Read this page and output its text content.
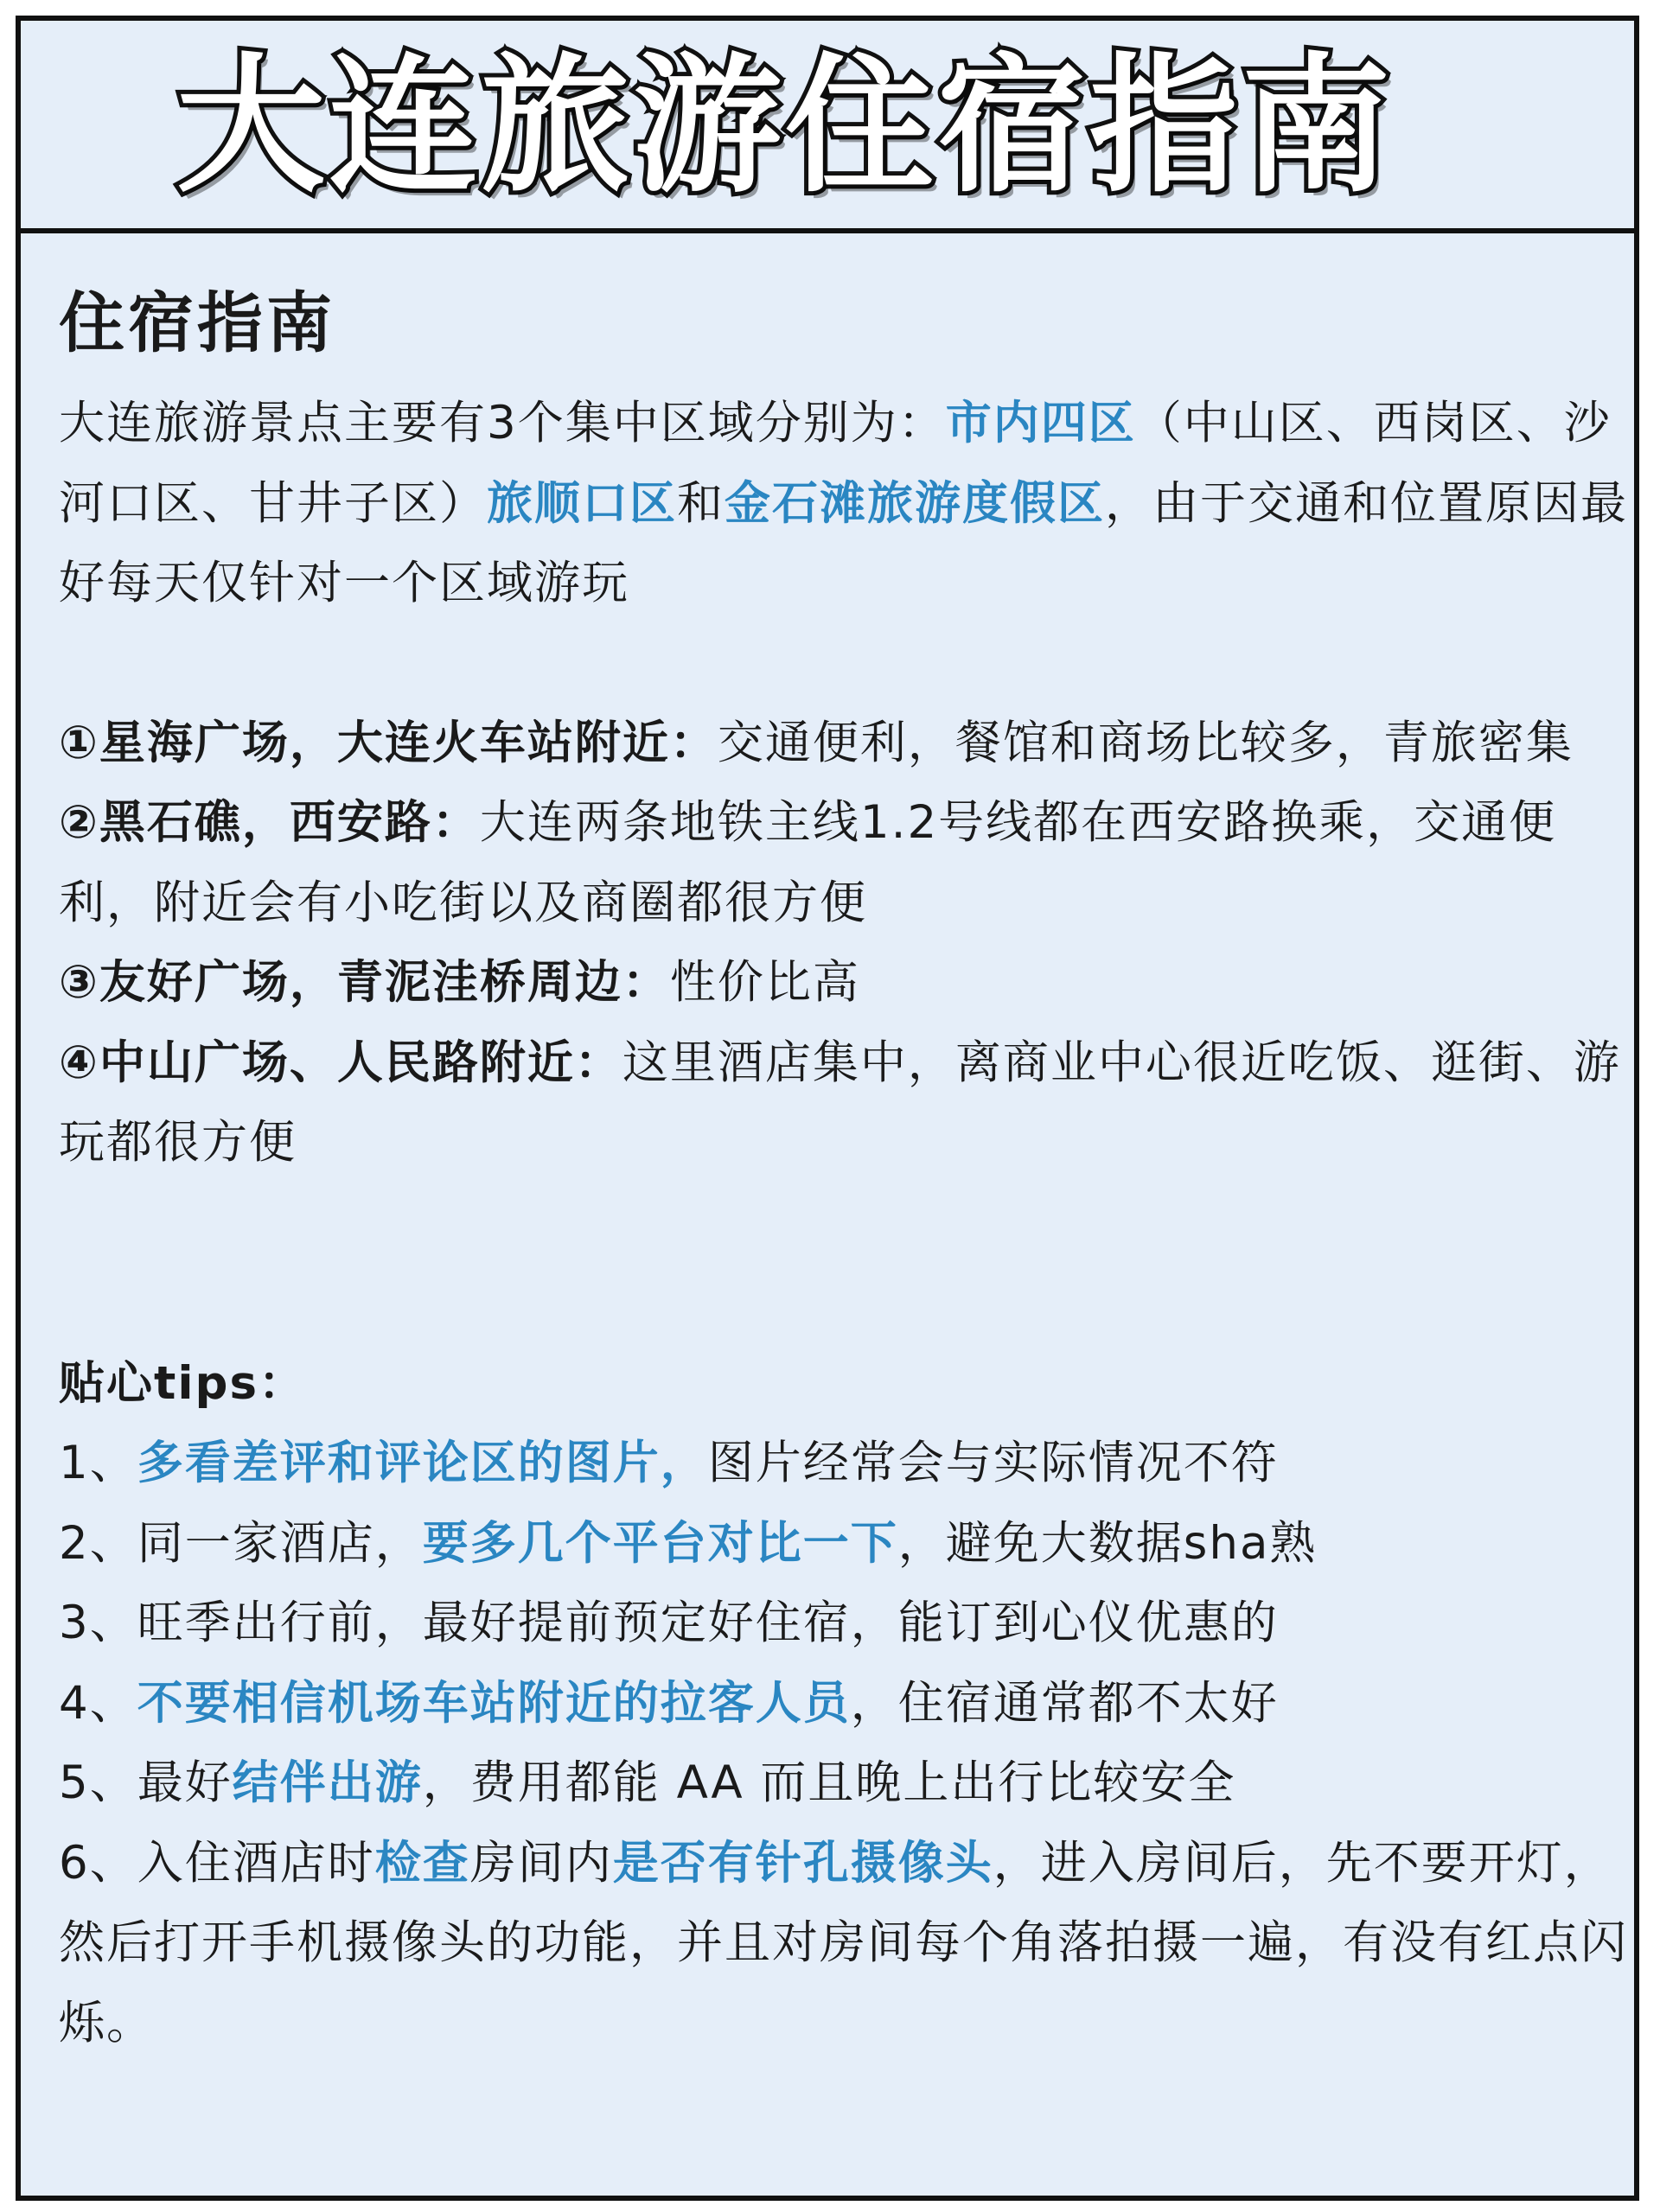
大连旅游住宿指南
住宿指南

大连旅游景点主要有3个集中区域分别为：市内四区（中山区、西岗区、沙河口区、甘井子区）旅顺口区和金石滩旅游度假区，由于交通和位置原因最好每天仅针对一个区域游玩

①星海广场，大连火车站附近：交通便利，餐馆和商场比较多，青旅密集

②黑石礁，西安路：大连两条地铁主线1.2号线都在西安路换乘，交通便利，附近会有小吃街以及商圈都很方便

③友好广场，青泥洼桥周边：性价比高

④中山广场、人民路附近：这里酒店集中，离商业中心很近吃饭、逛街、游玩都很方便

贴心tips：

1、多看差评和评论区的图片，图片经常会与实际情况不符

2、同一家酒店，要多几个平台对比一下，避免大数据sha熟

3、旺季出行前，最好提前预定好住宿，能订到心仪优惠的

4、不要相信机场车站附近的拉客人员，住宿通常都不太好

5、最好结伴出游，费用都能 AA 而且晚上出行比较安全

6、入住酒店时检查房间内是否有针孔摄像头，进入房间后，先不要开灯，然后打开手机摄像头的功能，并且对房间每个角落拍摄一遍，有没有红点闪烁。
